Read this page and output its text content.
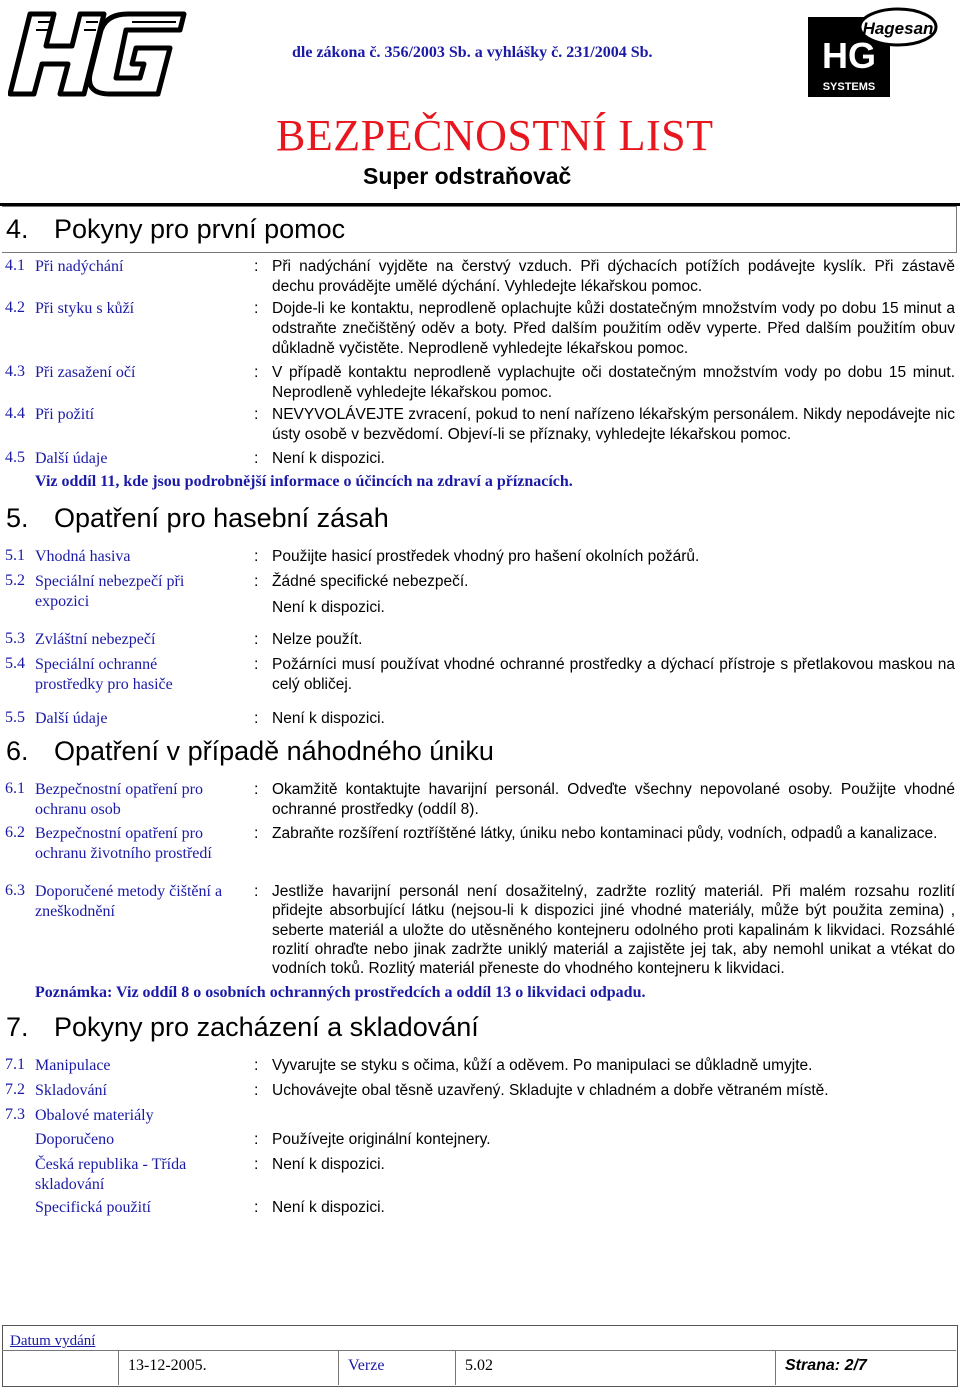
dle zákona č. 356/2003 Sb. a vyhlášky č. 231/2004 Sb.
BEZPEČNOSTNÍ LIST
Super odstraňovač
HG
SYSTEMS
Hagesan
4. Pokyny pro první pomoc
4.1 Při nadýchání	: Při nadýchání vyjděte na čerstvý vzduch. Při dýchacích potížích podávejte kyslík. Při zástavě dechu provádějte umělé dýchání. Vyhledejte lékařskou pomoc.
4.2 Při styku s kůží	: Dojde-li ke kontaktu, neprodleně oplachujte kůži dostatečným množstvím vody po dobu 15 minut a odstraňte znečištěný oděv a boty. Před dalším použitím oděv vyperte. Před dalším použitím obuv důkladně vyčistěte. Neprodleně vyhledejte lékařskou pomoc.
4.3 Při zasažení očí	: V případě kontaktu neprodleně vyplachujte oči dostatečným množstvím vody po dobu 15 minut. Neprodleně vyhledejte lékařskou pomoc.
4.4 Při požití	: NEVYVOLÁVEJTE zvracení, pokud to není nařízeno lékařským personálem. Nikdy nepodávejte nic ústy osobě v bezvědomí. Objeví-li se příznaky, vyhledejte lékařskou pomoc.
4.5 Další údaje	: Není k dispozici.
Viz oddíl 11, kde jsou podrobnější informace o účincích na zdraví a příznacích.
5. Opatření pro hasební zásah
5.1 Vhodná hasiva	: Použijte hasicí prostředek vhodný pro hašení okolních požárů.
5.2 Speciální nebezpečí při expozici
: Žádné specifické nebezpečí.

Není k dispozici.

5.3 Zvláštní nebezpečí	: Nelze použít.
5.4 Speciální ochranné prostředky pro hasiče
: Požárníci musí používat vhodné ochranné prostředky a dýchací přístroje s přetlakovou maskou na celý obličej.
5.5 Další údaje	: Není k dispozici.
6. Opatření v případě náhodného úniku
6.1 Bezpečnostní opatření pro ochranu osob
: Okamžitě kontaktujte havarijní personál. Odveďte všechny nepovolané osoby. Použijte vhodné ochranné prostředky (oddíl 8).
6.2 Bezpečnostní opatření pro ochranu životního prostředí
: Zabraňte rozšíření roztříštěné látky, úniku nebo kontaminaci půdy, vodních, odpadů a kanalizace.
6.3 Doporučené metody čištění a zneškodnění
: Jestliže havarijní personál není dosažitelný, zadržte rozlitý materiál. Při malém rozsahu rozlití přidejte absorbující látku (nejsou-li k dispozici jiné vhodné materiály, může být použita zemina) , seberte materiál a uložte do utěsněného kontejneru odolného proti kapalinám k likvidaci. Rozsáhlé rozlití ohraďte nebo jinak zadržte uniklý materiál a zajistěte jej tak, aby nemohl unikat a vtékat do vodních toků. Rozlitý materiál přeneste do vhodného kontejneru k likvidaci.
Poznámka: Viz oddíl 8 o osobních ochranných prostředcích a oddíl 13 o likvidaci odpadu.
7. Pokyny pro zacházení a skladování
7.1 Manipulace	: Vyvarujte se styku s očima, kůží a oděvem. Po manipulaci se důkladně umyjte.
7.2 Skladování	: Uchovávejte obal těsně uzavřený. Skladujte v chladném a dobře větraném místě.
7.3 Obalové materiály
Doporučeno	: Používejte originální kontejnery.
Česká republika - Třída skladování
: Není k dispozici.
Specifická použití	: Není k dispozici.
Datum vydání
13-12-2005.	Verze	5.02	Strana: 2/7
